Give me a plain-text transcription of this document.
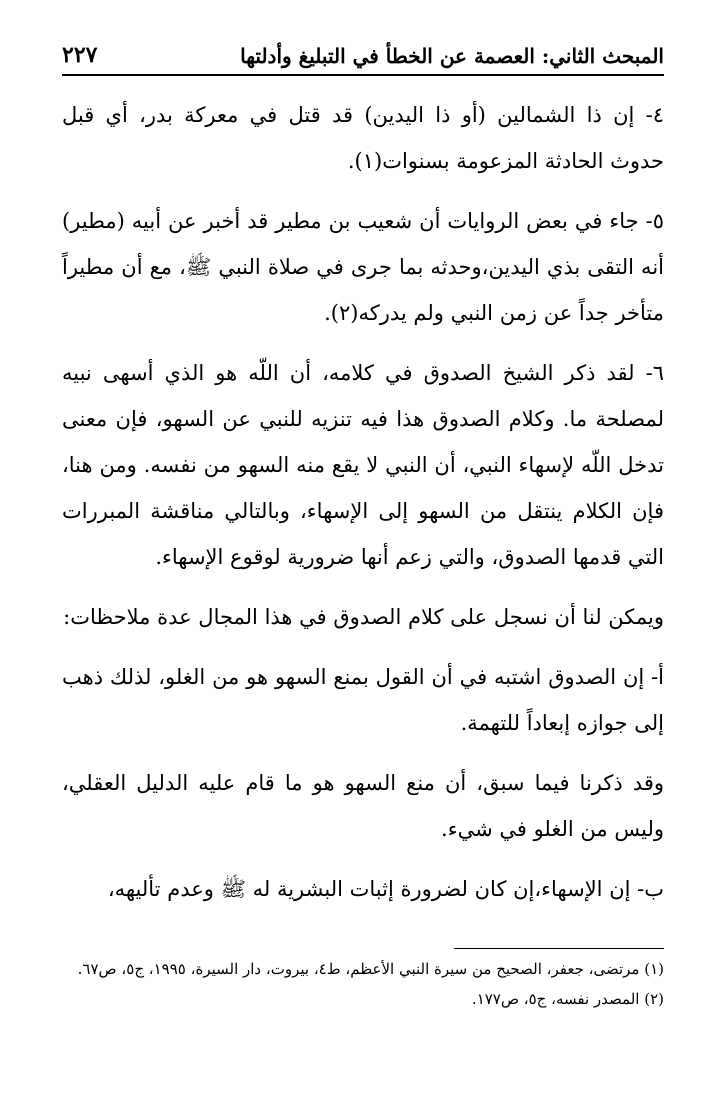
المبحث الثاني: العصمة عن الخطأ في التبليغ وأدلتها
٢٢٧

٤- إن ذا الشمالين (أو ذا اليدين) قد قتل في معركة بدر، أي قبل حدوث الحادثة المزعومة بسنوات(١).

٥- جاء في بعض الروايات أن شعيب بن مطير قد أخبر عن أبيه (مطير) أنه التقى بذي اليدين،وحدثه بما جرى في صلاة النبي ﷺ، مع أن مطيراً متأخر جداً عن زمن النبي ولم يدركه(٢).

٦- لقد ذكر الشيخ الصدوق في كلامه، أن اللّه هو الذي أسهى نبيه لمصلحة ما. وكلام الصدوق هذا فيه تنزيه للنبي عن السهو، فإن معنى تدخل اللّه لإسهاء النبي، أن النبي لا يقع منه السهو من نفسه. ومن هنا، فإن الكلام ينتقل من السهو إلى الإسهاء، وبالتالي مناقشة المبررات التي قدمها الصدوق، والتي زعم أنها ضرورية لوقوع الإسهاء.

ويمكن لنا أن نسجل على كلام الصدوق في هذا المجال عدة ملاحظات:

أ- إن الصدوق اشتبه في أن القول بمنع السهو هو من الغلو، لذلك ذهب إلى جوازه إبعاداً للتهمة.

وقد ذكرنا فيما سبق، أن منع السهو هو ما قام عليه الدليل العقلي، وليس من الغلو في شيء.

ب- إن الإسهاء،إن كان لضرورة إثبات البشرية له ﷺ وعدم تأليهه،

(١) مرتضى، جعفر، الصحيح من سيرة النبي الأعظم، ط٤، بيروت، دار السيرة، ١٩٩٥، ج٥، ص٦٧.

(٢) المصدر نفسه، ج٥، ص١٧٧.
